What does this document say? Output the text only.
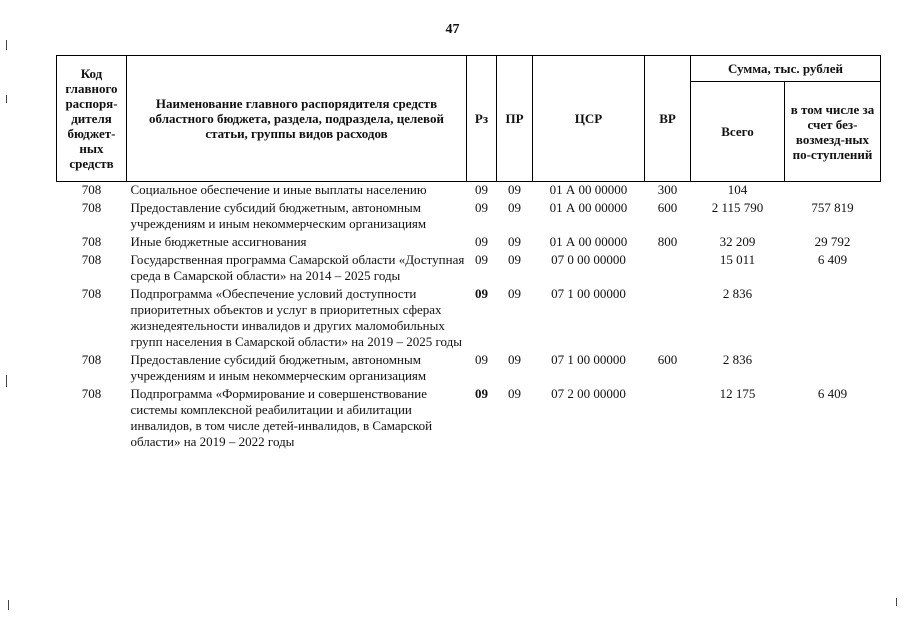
47
Код главного распоря-дителя бюджет-ных средств	Наименование главного распорядителя средств областного бюджета, раздела, подраздела, целевой статьи, группы видов расходов	Рз	ПР	ЦСР	ВР	Сумма, тыс. рублей	
						Всего	в том числе за счет без-возмезд-ных по-ступлений
708	Социальное обеспечение и иные выплаты населению	09	09	01 А 00 00000	300	104	
708	Предоставление субсидий бюджетным, автономным учреждениям и иным некоммерческим организациям	09	09	01 А 00 00000	600	2 115 790	757 819
708	Иные бюджетные ассигнования	09	09	01 А 00 00000	800	32 209	29 792
708	Государственная программа Самарской области «Доступная среда в Самарской области» на 2014 – 2025 годы	09	09	07 0 00 00000		15 011	6 409
708	Подпрограмма «Обеспечение условий доступности приоритетных объектов и услуг в приоритетных сферах жизнедеятельности инвалидов и других маломобильных групп населения в Самарской области» на 2019 – 2025 годы	09	09	07 1 00 00000		2 836	
708	Предоставление субсидий бюджетным, автономным учреждениям и иным некоммерческим организациям	09	09	07 1 00 00000	600	2 836	
708	Подпрограмма «Формирование и совершенствование системы комплексной реабилитации и абилитации инвалидов, в том числе детей-инвалидов, в Самарской области» на 2019 – 2022 годы	09	09	07 2 00 00000		12 175	6 409
